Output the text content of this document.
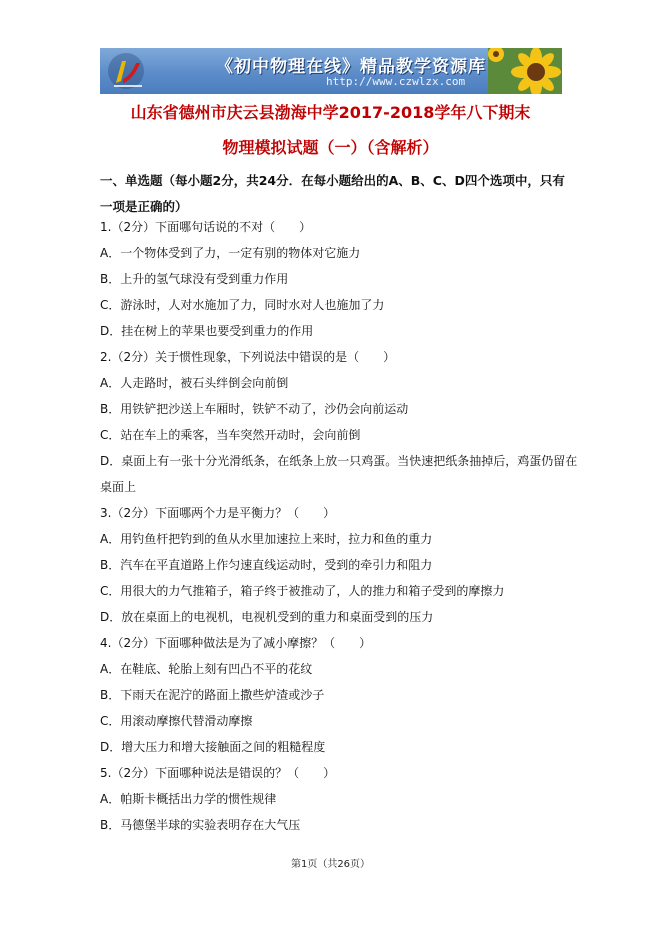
《初中物理在线》精品教学资源库
http://www.czwlzx.com
山东省德州市庆云县渤海中学2017-2018学年八下期末
物理模拟试题（一）（含解析）
一、单选题（每小题2分，共24分．在每小题给出的A、B、C、D四个选项中，只有一项是正确的）
1.（2分）下面哪句话说的不对（　　）
A．一个物体受到了力，一定有别的物体对它施力
B．上升的氢气球没有受到重力作用
C．游泳时，人对水施加了力，同时水对人也施加了力
D．挂在树上的苹果也要受到重力的作用
2.（2分）关于惯性现象，下列说法中错误的是（　　）
A．人走路时，被石头绊倒会向前倒
B．用铁铲把沙送上车厢时，铁铲不动了，沙仍会向前运动
C．站在车上的乘客，当车突然开动时，会向前倒
D．桌面上有一张十分光滑纸条，在纸条上放一只鸡蛋。当快速把纸条抽掉后，鸡蛋仍留在
桌面上
3.（2分）下面哪两个力是平衡力？（　　）
A．用钓鱼杆把钓到的鱼从水里加速拉上来时，拉力和鱼的重力
B．汽车在平直道路上作匀速直线运动时，受到的牵引力和阻力
C．用很大的力气推箱子，箱子终于被推动了，人的推力和箱子受到的摩擦力
D．放在桌面上的电视机，电视机受到的重力和桌面受到的压力
4.（2分）下面哪种做法是为了减小摩擦？（　　）
A．在鞋底、轮胎上刻有凹凸不平的花纹
B．下雨天在泥泞的路面上撒些炉渣或沙子
C．用滚动摩擦代替滑动摩擦
D．增大压力和增大接触面之间的粗糙程度
5.（2分）下面哪种说法是错误的？（　　）
A．帕斯卡概括出力学的惯性规律
B．马德堡半球的实验表明存在大气压
第1页（共26页）
